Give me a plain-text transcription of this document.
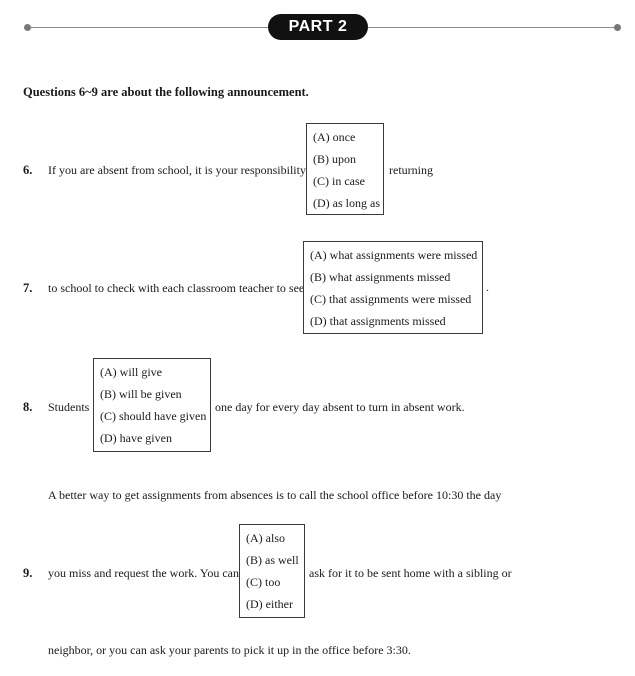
PART 2
Questions 6~9 are about the following announcement.
6. If you are absent from school, it is your responsibility
(A) once
(B) upon
(C) in case
(D) as long as
returning
7. to school to check with each classroom teacher to see
(A) what assignments were missed
(B) what assignments missed
(C) that assignments were missed
(D) that assignments missed
.
8. Students
(A) will give
(B) will be given
(C) should have given
(D) have given
one day for every day absent to turn in absent work.
A better way to get assignments from absences is to call the school office before 10:30 the day
9. you miss and request the work. You can
(A) also
(B) as well
(C) too
(D) either
ask for it to be sent home with a sibling or
neighbor, or you can ask your parents to pick it up in the office before 3:30.
